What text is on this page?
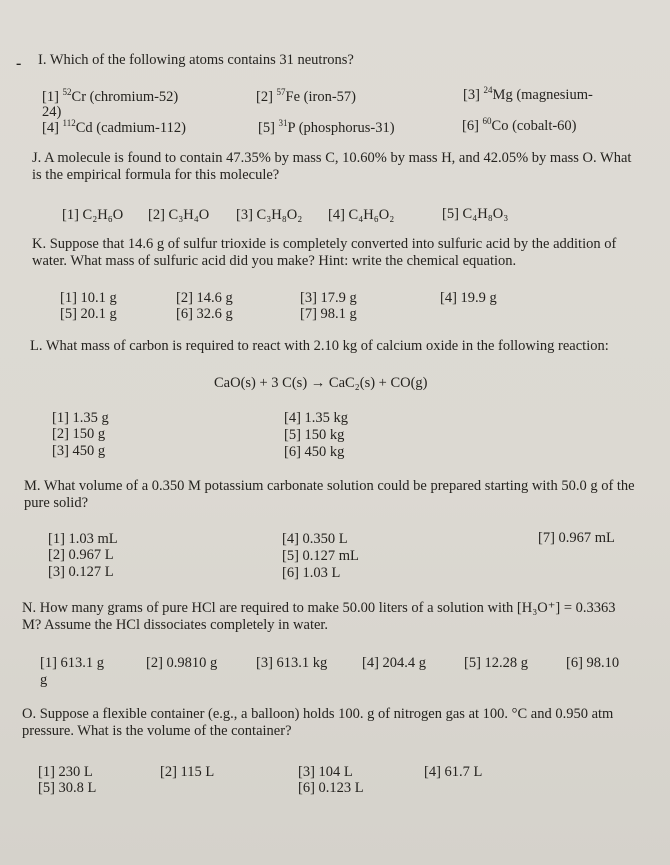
- I. Which of the following atoms contains 31 neutrons?
[1] $^{52}$Cr (chromium-52)	[2] $^{57}$Fe (iron-57)	[3] $^{24}$Mg (magnesium-
24)
[4] $^{112}$Cd (cadmium-112)	[5] $^{31}$P (phosphorus-31)	[6] $^{60}$Co (cobalt-60)
J. A molecule is found to contain 47.35% by mass C, 10.60% by mass H, and 42.05% by mass O. What is the empirical formula for this molecule?
[1] C₂H₆O [2] C₃H₄O [3] C₃H₈O₂ [4] C₄H₆O₂	[5] C₄H₈O₃
K. Suppose that 14.6 g of sulfur trioxide is completely converted into sulfuric acid by the addition of water. What mass of sulfuric acid did you make? Hint: write the chemical equation.
[1] 10.1 g	[2] 14.6 g	[3] 17.9 g	[4] 19.9 g
[5] 20.1 g	[6] 32.6 g	[7] 98.1 g
L. What mass of carbon is required to react with 2.10 kg of calcium oxide in the following reaction:
CaO(s) + 3 C(s) → CaC₂(s) + CO(g)
[1] 1.35 g
[2] 150 g
[3] 450 g
[4] 1.35 kg
[5] 150 kg
[6] 450 kg
M. What volume of a 0.350 M potassium carbonate solution could be prepared starting with 50.0 g of the pure solid?
[1] 1.03 mL
[2] 0.967 L
[3] 0.127 L
[4] 0.350 L
[5] 0.127 mL
[6] 1.03 L
[7] 0.967 mL
N. How many grams of pure HCl are required to make 50.00 liters of a solution with [H₃O⁺] = 0.3363 M? Assume the HCl dissociates completely in water.
[1] 613.1 g	[2] 0.9810 g	[3] 613.1 kg [4] 204.4 g	[5] 12.28 g	[6] 98.10
g
O. Suppose a flexible container (e.g., a balloon) holds 100. g of nitrogen gas at 100. °C and 0.950 atm pressure. What is the volume of the container?
[1] 230 L	[2] 115 L	[3] 104 L	[4] 61.7 L
[5] 30.8 L	[6] 0.123 L
